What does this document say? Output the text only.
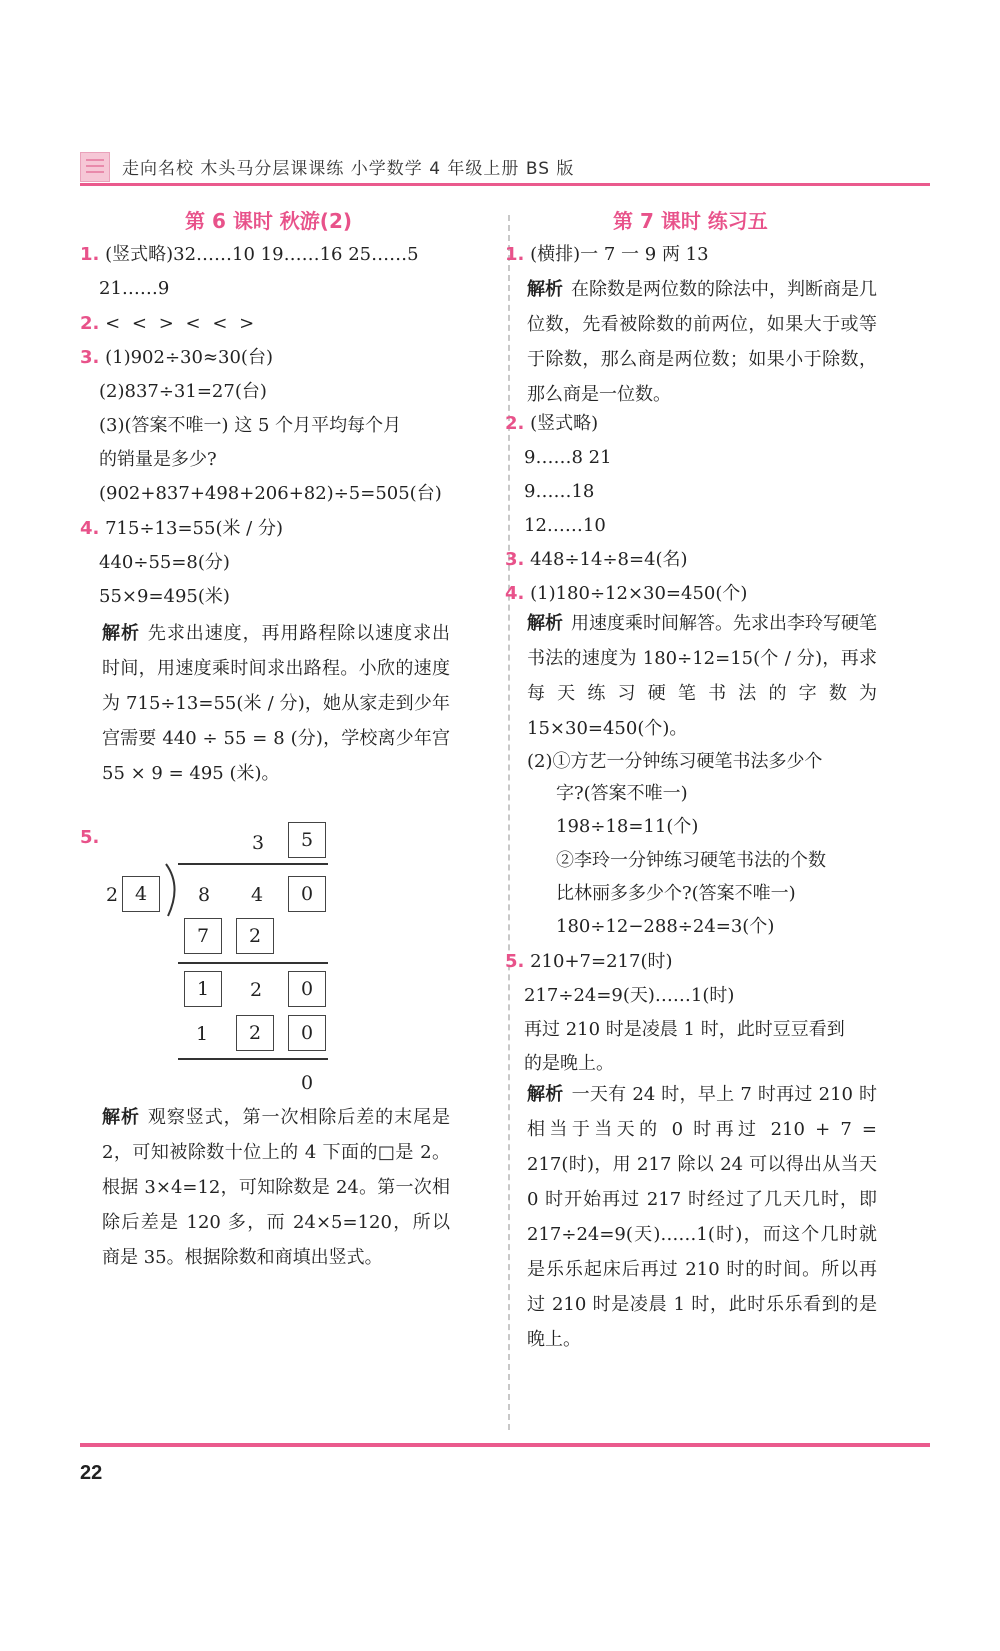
走向名校 木头马分层课课练 小学数学 4 年级上册 BS 版
第 6 课时 秋游(2)
1. (竖式略)32……10 19……16 25……5
21……9
2. < < > < < >
3. (1)902÷30≈30(台)
(2)837÷31=27(台)
(3)(答案不唯一) 这 5 个月平均每个月
的销量是多少?
(902+837+498+206+82)÷5=505(台)
4. 715÷13=55(米 / 分)
440÷55=8(分)
55×9=495(米)
解析 先求出速度，再用路程除以速度求出时间，用速度乘时间求出路程。小欣的速度为 715÷13=55(米 / 分)，她从家走到少年宫需要 440 ÷ 55 = 8 (分)，学校离少年宫 55 × 9 = 495 (米)。
5.	3	5
2 4	8 4	0
7	2
1	2	0
1	2	0
0
解析 观察竖式，第一次相除后差的末尾是 2，可知被除数十位上的 4 下面的□是 2。根据 3×4=12，可知除数是 24。第一次相除后差是 120 多，而 24×5=120，所以商是 35。根据除数和商填出竖式。
第 7 课时 练习五
1. (横排)一 7 一 9 两 13
解析 在除数是两位数的除法中，判断商是几位数，先看被除数的前两位，如果大于或等于除数，那么商是两位数；如果小于除数，那么商是一位数。
2. (竖式略)
9……8 21
9……18
12……10
3. 448÷14÷8=4(名)
4. (1)180÷12×30=450(个)
解析 用速度乘时间解答。先求出李玲写硬笔书法的速度为 180÷12=15(个 / 分)，再求每天练习硬笔书法的字数为 15×30=450(个)。
(2)①方艺一分钟练习硬笔书法多少个
字?(答案不唯一)
198÷18=11(个)
②李玲一分钟练习硬笔书法的个数
比林丽多多少个?(答案不唯一)
180÷12−288÷24=3(个)
5. 210+7=217(时)
217÷24=9(天)……1(时)
再过 210 时是凌晨 1 时，此时豆豆看到
的是晚上。
解析 一天有 24 时，早上 7 时再过 210 时相当于当天的 0 时再过 210 + 7 = 217(时)，用 217 除以 24 可以得出从当天 0 时开始再过 217 时经过了几天几时，即 217÷24=9(天)……1(时)，而这个几时就是乐乐起床后再过 210 时的时间。所以再过 210 时是凌晨 1 时，此时乐乐看到的是晚上。
22
